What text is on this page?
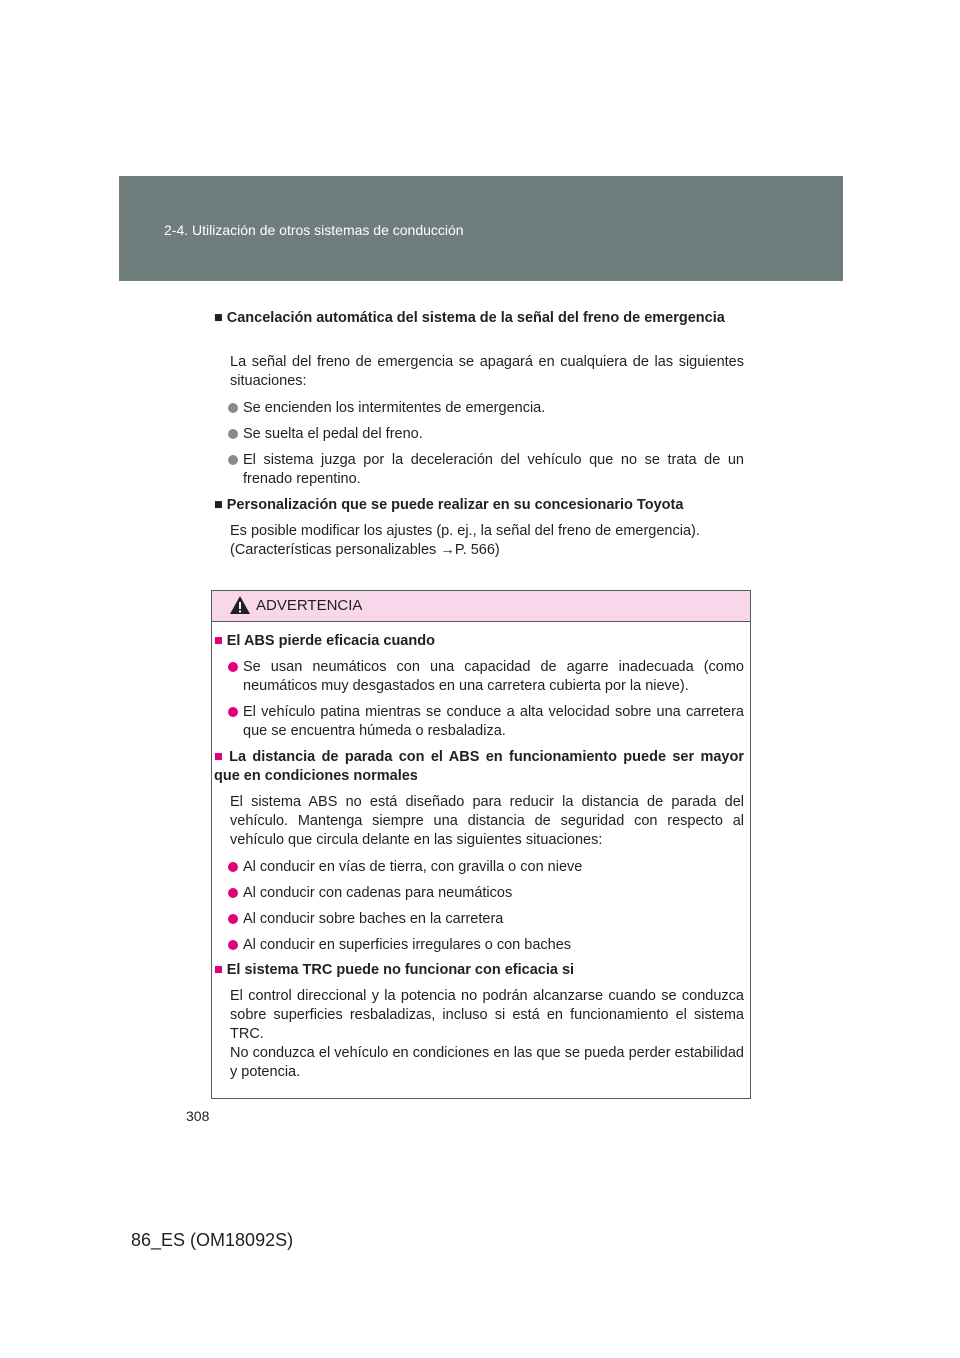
2-4. Utilización de otros sistemas de conducción
■ Cancelación automática del sistema de la señal del freno de emergencia
La señal del freno de emergencia se apagará en cualquiera de las siguientes situaciones:
Se encienden los intermitentes de emergencia.
Se suelta el pedal del freno.
El sistema juzga por la deceleración del vehículo que no se trata de un frenado repentino.
■ Personalización que se puede realizar en su concesionario Toyota
Es posible modificar los ajustes (p. ej., la señal del freno de emergencia).
(Características personalizables →P. 566)
ADVERTENCIA
■ El ABS pierde eficacia cuando
Se usan neumáticos con una capacidad de agarre inadecuada (como neumáticos muy desgastados en una carretera cubierta por la nieve).
El vehículo patina mientras se conduce a alta velocidad sobre una carretera que se encuentra húmeda o resbaladiza.
■ La distancia de parada con el ABS en funcionamiento puede ser mayor que en condiciones normales
El sistema ABS no está diseñado para reducir la distancia de parada del vehículo. Mantenga siempre una distancia de seguridad con respecto al vehículo que circula delante en las siguientes situaciones:
Al conducir en vías de tierra, con gravilla o con nieve
Al conducir con cadenas para neumáticos
Al conducir sobre baches en la carretera
Al conducir en superficies irregulares o con baches
■ El sistema TRC puede no funcionar con eficacia si
El control direccional y la potencia no podrán alcanzarse cuando se conduzca sobre superficies resbaladizas, incluso si está en funcionamiento el sistema TRC.
No conduzca el vehículo en condiciones en las que se pueda perder estabilidad y potencia.
308
86_ES (OM18092S)
